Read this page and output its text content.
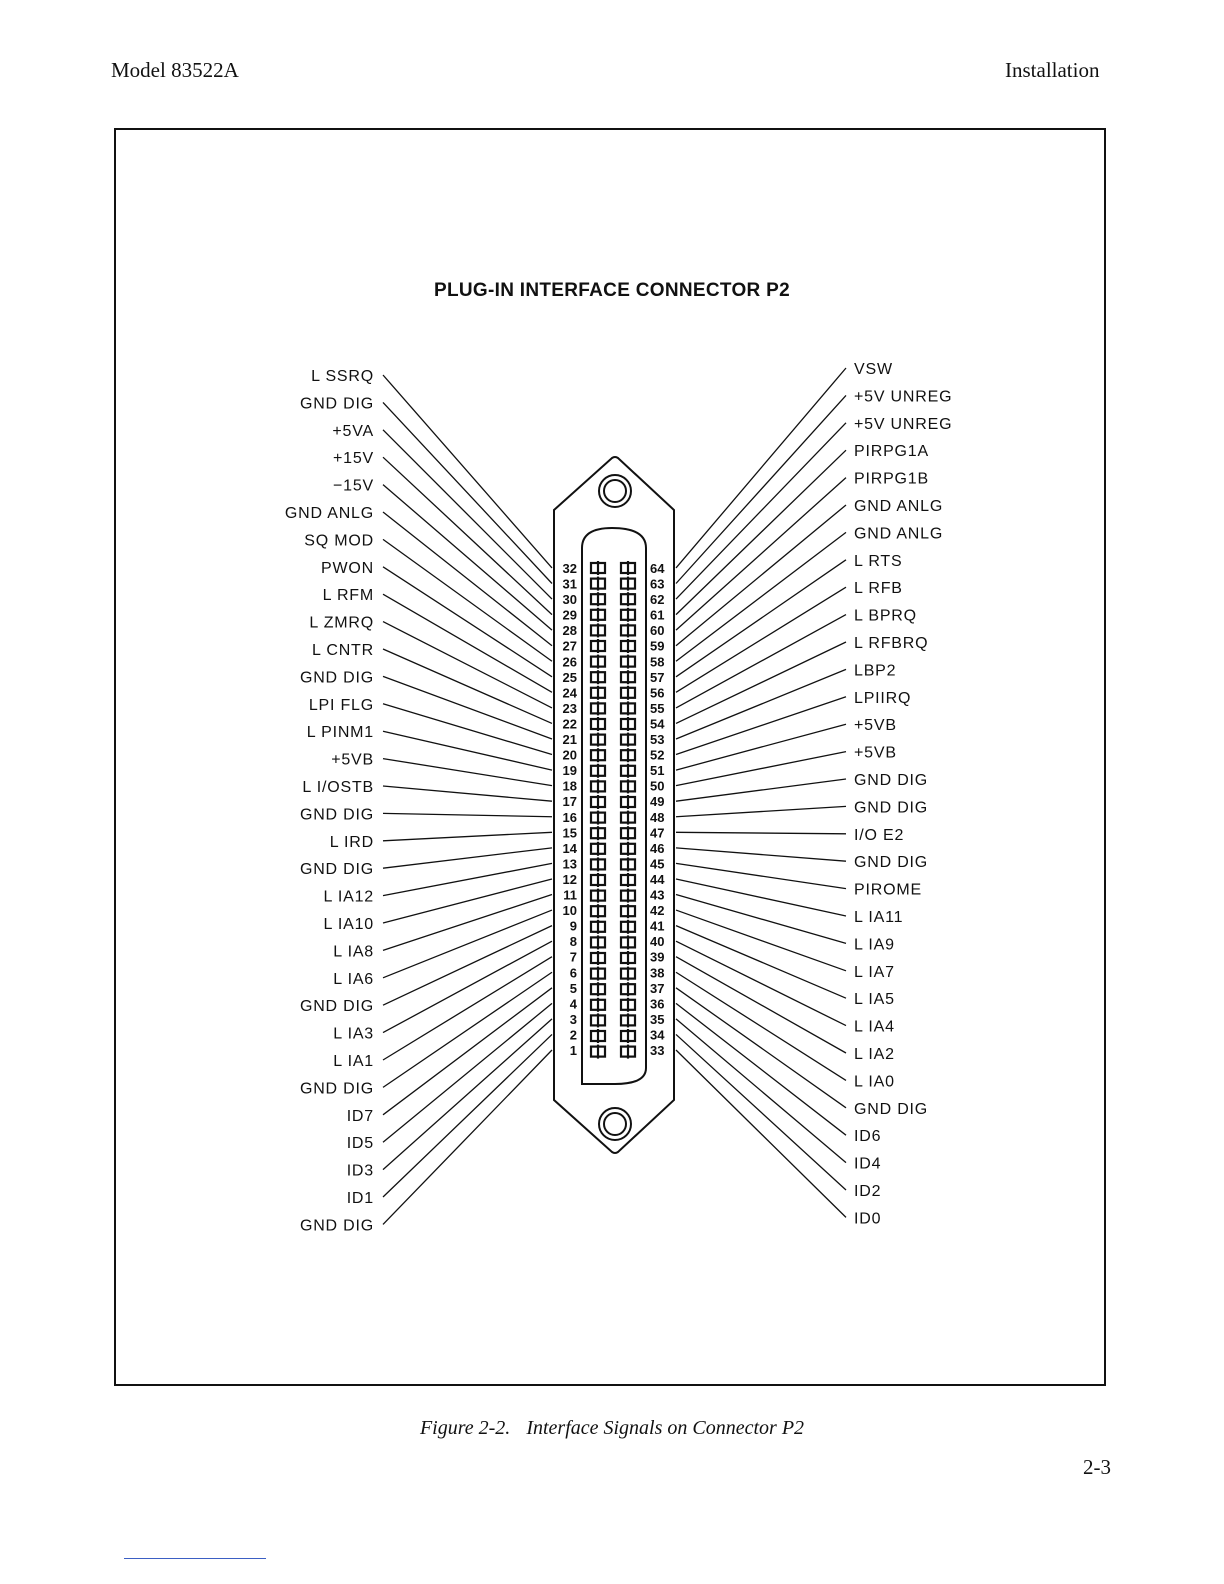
Model 83522A	Installation
PLUG-IN INTERFACE CONNECTOR P2
L SSRQ
GND DIG
+5VA
+15V
−15V
GND ANLG
SQ MOD
PWON
L RFM
L ZMRQ
L CNTR
GND DIG
LPI FLG
L PINM1
+5VB
L I/OSTB
GND DIG
L IRD
GND DIG
L IA12
L IA10
L IA8
L IA6
GND DIG
L IA3
L IA1
GND DIG
ID7
ID5
ID3
ID1
GND DIG
VSW
+5V UNREG
+5V UNREG
PIRPG1A
PIRPG1B
GND ANLG
GND ANLG
L RTS
L RFB
L BPRQ
L RFBRQ
LBP2
LPIIRQ
+5VB
+5VB
GND DIG
GND DIG
I/O E2
GND DIG
PIROME
L IA11
L IA9
L IA7
L IA5
L IA4
L IA2
L IA0
GND DIG
ID6
ID4
ID2
ID0
32
31
30
29
28
27
26
25
24
23
22
21
20
19
18
17
16
15
14
13
12
11
10
9
8
7
6
5
4
3
2
1
64
63
62
61
60
59
58
57
56
55
54
53
52
51
50
49
48
47
46
45
44
43
42
41
40
39
38
37
36
35
34
33
Figure 2-2. Interface Signals on Connector P2
2-3
